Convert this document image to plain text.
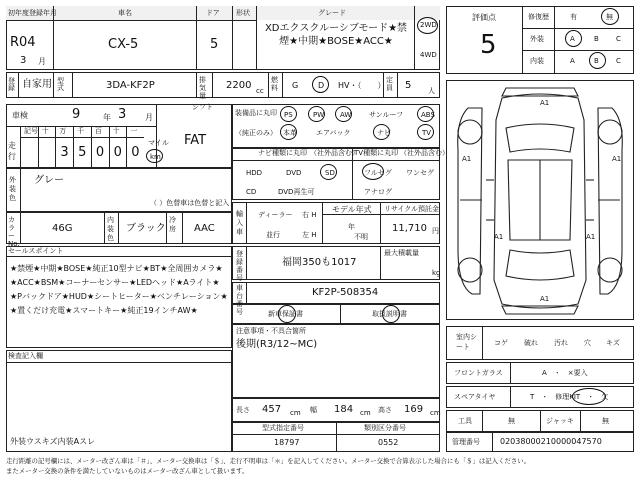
初年度登録年月
R04
3 月
車名
CX-5
ドア
5
形状	グレード
XDエクスクルーシブモード★禁煙★中期★BOSE★ACC★
2WD
4WD
登録 自家用 型式	3DA-KF2P	排気量
2200 cc
燃料	G D HV・（　　）
定員	5 人
車検	9	年 3 月
シフト
FAT
走行
記号 十 万 千 百 十 一
3 5 0 0 0
マイル
km
外装色
グレー
（ ）色替車は色替と記入
カラー No.
46G
内装色
ブラック
冷房	AAC
セールスポイント
★禁煙★中期★BOSE★純正10型ナビ★BT★全周囲カメラ★
★ACC★BSM★コーナーセンサー★LEDヘッド★Aライト★
★Pバックドア★HUD★シートヒーター★ベンチレーション★
★置くだけ充電★スマートキー★純正19インチAW★
検査記入欄
外装ウスキズ内装Aスレ
装備品に丸印
（純正のみ）
PS	PW AW	サンルーフ	ABS
本革	エアバック	ナビ	TV
ナビ種類に丸印 （社外品含む）
TV種類に丸印 （社外品含む）
HDD	DVD	SD
CD	DVD再生可
フルセグ ワンセグ
アナログ
輸入車
ディーラー
並行
右 H
左 H
モデル年式
年
不明
リサイクル預託金
11,710 円
登録番号
福岡350も1017
最大積載量
kg
車台番号
KF2P-508354
新車保証書	取扱説明書
注意事項・不具合箇所
後期(R3/12~MC)
長さ 457 cm 幅 184 cm 高さ 169 cm
型式指定番号
18797
類別区分番号
0552
評価点
5
修復歴	有	無
外装	A	B C
内装	A	B C
A1
A1	A1
A1	A1
A1
室内シート	コゲ 破れ 汚れ 穴 キズ
フロントガラス	A　・　×要入
スペアタイヤ	T　・　修理KIT　・　欠
工具	無	ジャッキ	無
管理番号	02038000210000047570
走行距離の記号欄には、メーター改ざん車は「＃」、メーター交換車は「＄」、走行不明車は「＊」を記入してください。メーター交換で合算表示した場合にも「＄」は記入ください。
またメーター交換の条件を満たしていないものはメーター改ざん車として扱います。
